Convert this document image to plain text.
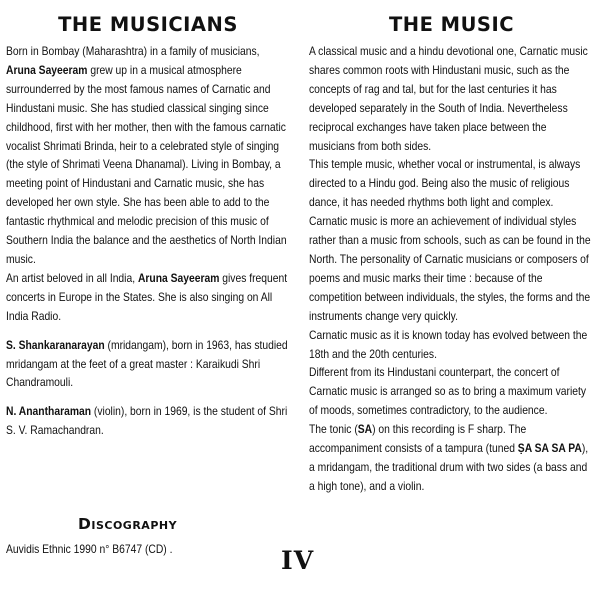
THE MUSICIANS

Born in Bombay (Maharashtra) in a family of musicians, Aruna Sayeeram grew up in a musical atmosphere surrounderred by the most famous names of Carnatic and Hindustani music. She has studied classical singing since childhood, first with her mother, then with the famous carnatic vocalist Shrimati Brinda, heir to a celebrated style of singing (the style of Shrimati Veena Dhanamal). Living in Bombay, a meeting point of Hindustani and Carnatic music, she has developed her own style. She has been able to add to the fantastic rhythmical and melodic precision of this music of Southern India the balance and the aesthetics of North Indian music.

An artist beloved in all India, Aruna Sayeeram gives frequent concerts in Europe in the States. She is also singing on All India Radio.

S. Shankaranarayan (mridangam), born in 1963, has studied mridangam at the feet of a great master : Karaikudi Shri Chandramouli.

N. Anantharaman (violin), born in 1969, is the student of Shri S. V. Ramachandran.

Discography
Auvidis Ethnic 1990 n° B6747 (CD) .	IV
THE MUSIC

A classical music and a hindu devotional one, Carnatic music shares common roots with Hindustani music, such as the concepts of rag and tal, but for the last centuries it has developed separately in the South of India. Nevertheless reciprocal exchanges have taken place between the musicians from both sides.

This temple music, whether vocal or instrumental, is always directed to a Hindu god. Being also the music of religious dance, it has needed rhythms both light and complex.

Carnatic music is more an achievement of individual styles rather than a music from schools, such as can be found in the North. The personality of Carnatic musicians or composers of poems and music marks their time : because of the competition between individuals, the styles, the forms and the instruments change very quickly.

Carnatic music as it is known today has evolved between the 18th and the 20th centuries.

Different from its Hindustani counterpart, the concert of Carnatic music is arranged so as to bring a maximum variety of moods, sometimes contradictory, to the audience.

The tonic (SA) on this recording is F sharp. The accompaniment consists of a tampura (tuned ṢA SA SA PA), a mridangam, the traditional drum with two sides (a bass and a high tone), and a violin.
